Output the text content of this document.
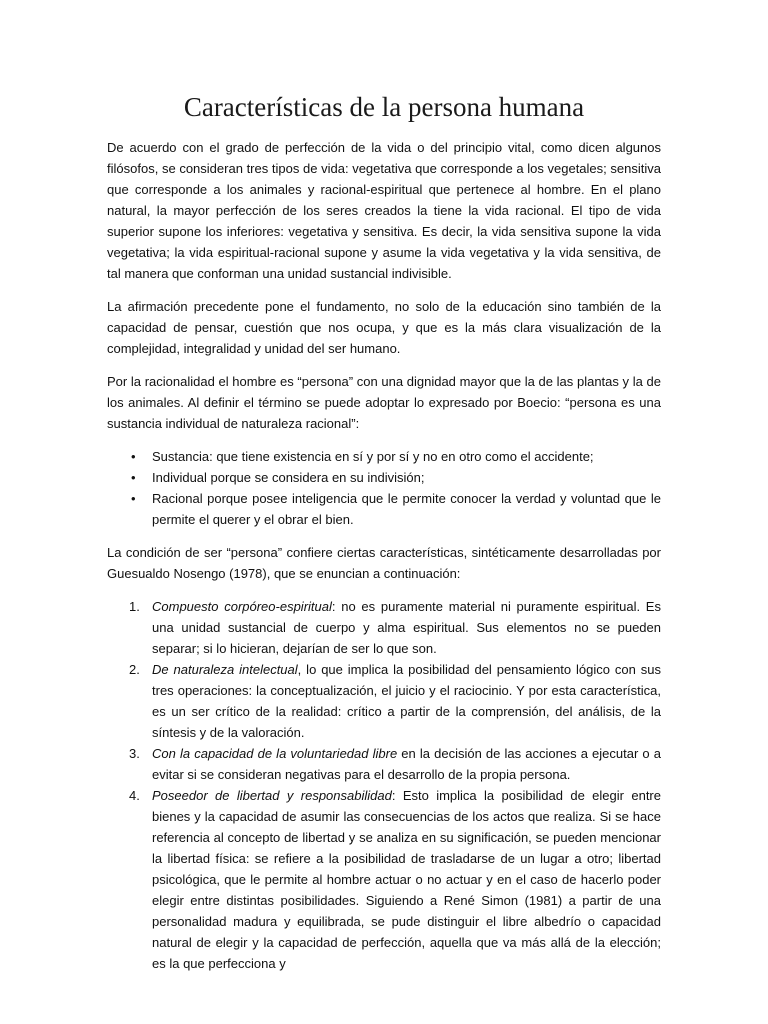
Características de la persona humana

De acuerdo con el grado de perfección de la vida o del principio vital, como dicen algunos filósofos, se consideran tres tipos de vida: vegetativa que corresponde a los vegetales; sensitiva que corresponde a los animales y racional-espiritual que pertenece al hombre. En el plano natural, la mayor perfección de los seres creados la tiene la vida racional. El tipo de vida superior supone los inferiores: vegetativa y sensitiva. Es decir, la vida sensitiva supone la vida vegetativa; la vida espiritual-racional supone y asume la vida vegetativa y la vida sensitiva, de tal manera que conforman una unidad sustancial indivisible.

La afirmación precedente pone el fundamento, no solo de la educación sino también de la capacidad de pensar, cuestión que nos ocupa, y que es la más clara visualización de la complejidad, integralidad y unidad del ser humano.

Por la racionalidad el hombre es “persona” con una dignidad mayor que la de las plantas y la de los animales. Al definir el término se puede adoptar lo expresado por Boecio: “persona es una sustancia individual de naturaleza racional”:

• Sustancia: que tiene existencia en sí y por sí y no en otro como el accidente;
• Individual porque se considera en su indivisión;
• Racional porque posee inteligencia que le permite conocer la verdad y voluntad que le permite el querer y el obrar el bien.

La condición de ser “persona” confiere ciertas características, sintéticamente desarrolladas por Guesualdo Nosengo (1978), que se enuncian a continuación:

1. Compuesto corpóreo-espiritual: no es puramente material ni puramente espiritual. Es una unidad sustancial de cuerpo y alma espiritual. Sus elementos no se pueden separar; si lo hicieran, dejarían de ser lo que son.
2. De naturaleza intelectual, lo que implica la posibilidad del pensamiento lógico con sus tres operaciones: la conceptualización, el juicio y el raciocinio. Y por esta característica, es un ser crítico de la realidad: crítico a partir de la comprensión, del análisis, de la síntesis y de la valoración.
3. Con la capacidad de la voluntariedad libre en la decisión de las acciones a ejecutar o a evitar si se consideran negativas para el desarrollo de la propia persona.
4. Poseedor de libertad y responsabilidad: Esto implica la posibilidad de elegir entre bienes y la capacidad de asumir las consecuencias de los actos que realiza. Si se hace referencia al concepto de libertad y se analiza en su significación, se pueden mencionar la libertad física: se refiere a la posibilidad de trasladarse de un lugar a otro; libertad psicológica, que le permite al hombre actuar o no actuar y en el caso de hacerlo poder elegir entre distintas posibilidades. Siguiendo a René Simon (1981) a partir de una personalidad madura y equilibrada, se pude distinguir el libre albedrío o capacidad natural de elegir y la capacidad de perfección, aquella que va más allá de la elección; es la que perfecciona y
